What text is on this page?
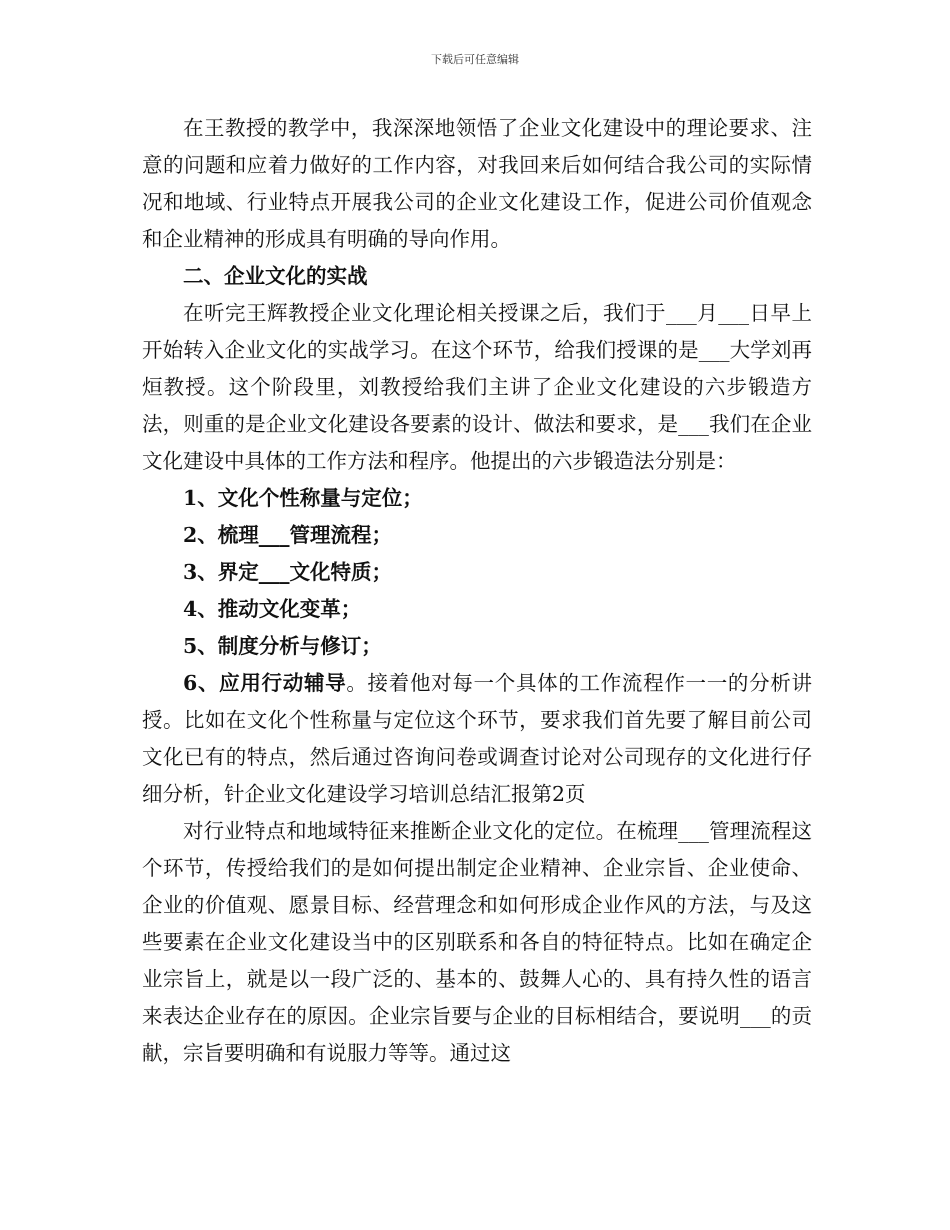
下载后可任意编辑

在王教授的教学中，我深深地领悟了企业文化建设中的理论要求、注意的问题和应着力做好的工作内容，对我回来后如何结合我公司的实际情况和地域、行业特点开展我公司的企业文化建设工作，促进公司价值观念和企业精神的形成具有明确的导向作用。

二、企业文化的实战

在听完王辉教授企业文化理论相关授课之后，我们于___月___日早上开始转入企业文化的实战学习。在这个环节，给我们授课的是___大学刘再烜教授。这个阶段里，刘教授给我们主讲了企业文化建设的六步锻造方法，则重的是企业文化建设各要素的设计、做法和要求，是___我们在企业文化建设中具体的工作方法和程序。他提出的六步锻造法分别是：

1、文化个性称量与定位；

2、梳理___管理流程；

3、界定___文化特质；

4、推动文化变革；

5、制度分析与修订；

6、应用行动辅导。接着他对每一个具体的工作流程作一一的分析讲授。比如在文化个性称量与定位这个环节，要求我们首先要了解目前公司文化已有的特点，然后通过咨询问卷或调查讨论对公司现存的文化进行仔细分析，针企业文化建设学习培训总结汇报第2页

对行业特点和地域特征来推断企业文化的定位。在梳理___管理流程这个环节，传授给我们的是如何提出制定企业精神、企业宗旨、企业使命、企业的价值观、愿景目标、经营理念和如何形成企业作风的方法，与及这些要素在企业文化建设当中的区别联系和各自的特征特点。比如在确定企业宗旨上，就是以一段广泛的、基本的、鼓舞人心的、具有持久性的语言来表达企业存在的原因。企业宗旨要与企业的目标相结合，要说明___的贡献，宗旨要明确和有说服力等等。通过这
